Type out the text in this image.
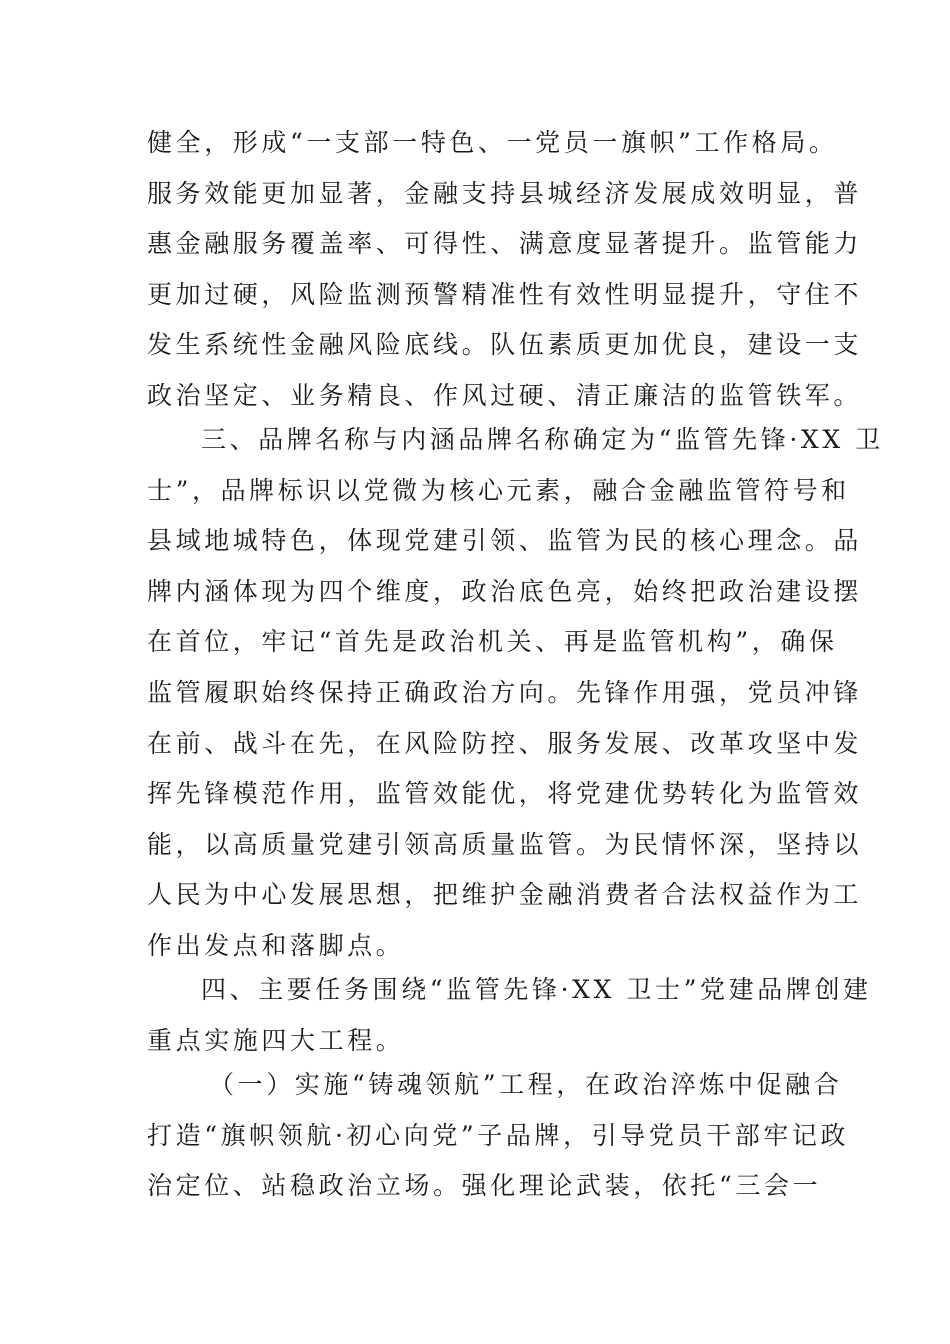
健全，形成“一支部一特色、一党员一旗帜”工作格局。
服务效能更加显著，金融支持县城经济发展成效明显，普
惠金融服务覆盖率、可得性、满意度显著提升。监管能力
更加过硬，风险监测预警精准性有效性明显提升，守住不
发生系统性金融风险底线。队伍素质更加优良，建设一支
政治坚定、业务精良、作风过硬、清正廉洁的监管铁军。
三、品牌名称与内涵品牌名称确定为“监管先锋·XX 卫
士”，品牌标识以党微为核心元素，融合金融监管符号和
县域地城特色，体现党建引领、监管为民的核心理念。品
牌内涵体现为四个维度，政治底色亮，始终把政治建设摆
在首位，牢记“首先是政治机关、再是监管机构”，确保
监管履职始终保持正确政治方向。先锋作用强，党员冲锋
在前、战斗在先，在风险防控、服务发展、改革攻坚中发
挥先锋模范作用，监管效能优，将党建优势转化为监管效
能，以高质量党建引领高质量监管。为民情怀深，坚持以
人民为中心发展思想，把维护金融消费者合法权益作为工
作出发点和落脚点。
四、主要任务围绕“监管先锋·XX 卫士”党建品牌创建
重点实施四大工程。
（一）实施“铸魂领航”工程，在政治淬炼中促融合
打造“旗帜领航·初心向党”子品牌，引导党员干部牢记政
治定位、站稳政治立场。强化理论武装，依托“三会一
